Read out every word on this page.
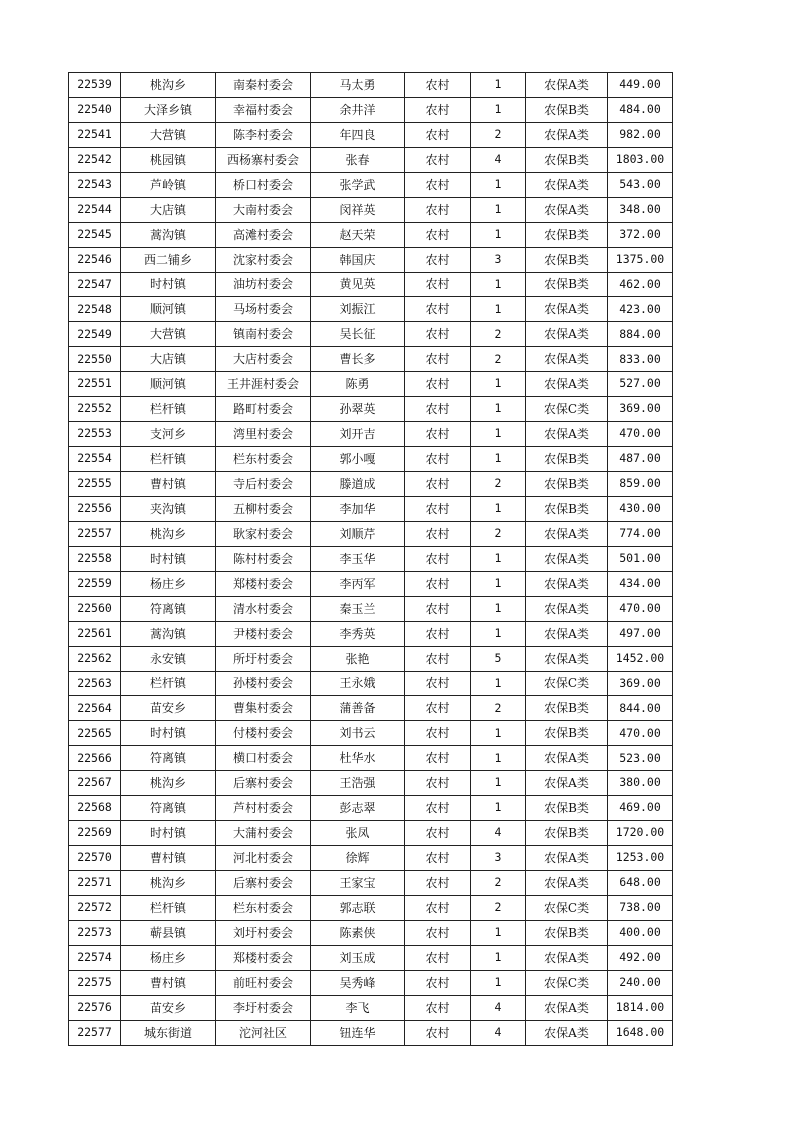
22539	桃沟乡	南秦村委会	马太勇	农村	1	农保A类	449.00
22540	大泽乡镇	幸福村委会	余井洋	农村	1	农保B类	484.00
22541	大营镇	陈李村委会	年四良	农村	2	农保A类	982.00
22542	桃园镇	西杨寨村委会	张春	农村	4	农保B类	1803.00
22543	芦岭镇	桥口村委会	张学武	农村	1	农保A类	543.00
22544	大店镇	大南村委会	闵祥英	农村	1	农保A类	348.00
22545	蒿沟镇	高滩村委会	赵天荣	农村	1	农保B类	372.00
22546	西二铺乡	沈家村委会	韩国庆	农村	3	农保B类	1375.00
22547	时村镇	油坊村委会	黄见英	农村	1	农保B类	462.00
22548	顺河镇	马场村委会	刘振江	农村	1	农保A类	423.00
22549	大营镇	镇南村委会	吴长征	农村	2	农保A类	884.00
22550	大店镇	大店村委会	曹长多	农村	2	农保A类	833.00
22551	顺河镇	王井涯村委会	陈勇	农村	1	农保A类	527.00
22552	栏杆镇	路町村委会	孙翠英	农村	1	农保C类	369.00
22553	支河乡	湾里村委会	刘开吉	农村	1	农保A类	470.00
22554	栏杆镇	栏东村委会	郭小嘎	农村	1	农保B类	487.00
22555	曹村镇	寺后村委会	滕道成	农村	2	农保B类	859.00
22556	夹沟镇	五柳村委会	李加华	农村	1	农保B类	430.00
22557	桃沟乡	耿家村委会	刘顺芹	农村	2	农保A类	774.00
22558	时村镇	陈村村委会	李玉华	农村	1	农保A类	501.00
22559	杨庄乡	郑楼村委会	李丙军	农村	1	农保A类	434.00
22560	符离镇	清水村委会	秦玉兰	农村	1	农保A类	470.00
22561	蒿沟镇	尹楼村委会	李秀英	农村	1	农保A类	497.00
22562	永安镇	所圩村委会	张艳	农村	5	农保A类	1452.00
22563	栏杆镇	孙楼村委会	王永娥	农村	1	农保C类	369.00
22564	苗安乡	曹集村委会	蒲善备	农村	2	农保B类	844.00
22565	时村镇	付楼村委会	刘书云	农村	1	农保B类	470.00
22566	符离镇	横口村委会	杜华水	农村	1	农保A类	523.00
22567	桃沟乡	后寨村委会	王浩强	农村	1	农保A类	380.00
22568	符离镇	芦村村委会	彭志翠	农村	1	农保B类	469.00
22569	时村镇	大蒲村委会	张凤	农村	4	农保B类	1720.00
22570	曹村镇	河北村委会	徐辉	农村	3	农保A类	1253.00
22571	桃沟乡	后寨村委会	王家宝	农村	2	农保A类	648.00
22572	栏杆镇	栏东村委会	郭志联	农村	2	农保C类	738.00
22573	蕲县镇	刘圩村委会	陈素侠	农村	1	农保B类	400.00
22574	杨庄乡	郑楼村委会	刘玉成	农村	1	农保A类	492.00
22575	曹村镇	前旺村委会	吴秀峰	农村	1	农保C类	240.00
22576	苗安乡	李圩村委会	李飞	农村	4	农保A类	1814.00
22577	城东街道	沱河社区	钮连华	农村	4	农保A类	1648.00
